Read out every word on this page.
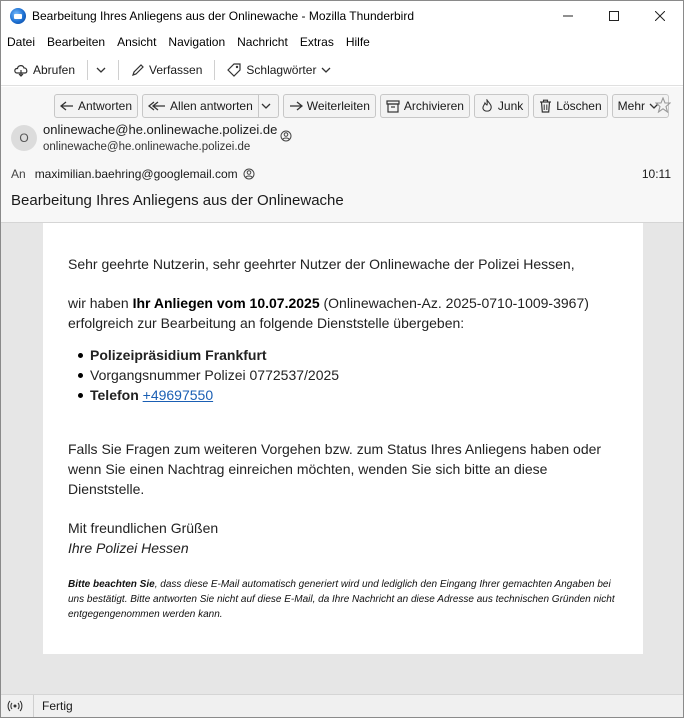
Bearbeitung Ihres Anliegens aus der Onlinewache - Mozilla Thunderbird
Datei Bearbeiten Ansicht Navigation Nachricht Extras Hilfe
Abrufen	Verfassen	Schlagwörter
Antworten	Allen antworten	Weiterleiten	Archivieren	Junk	Löschen Mehr
O
onlinewache@he.onlinewache.polizei.de
onlinewache@he.onlinewache.polizei.de
An maximilian.baehring@googlemail.com	10:11
Bearbeitung Ihres Anliegens aus der Onlinewache
Sehr geehrte Nutzerin, sehr geehrter Nutzer der Onlinewache der Polizei Hessen,
wir haben Ihr Anliegen vom 10.07.2025 (Onlinewachen-Az. 2025-0710-1009-3967)
erfolgreich zur Bearbeitung an folgende Dienststelle übergeben:
Polizeipräsidium Frankfurt
Vorgangsnummer Polizei 0772537/2025
Telefon +49697550
Falls Sie Fragen zum weiteren Vorgehen bzw. zum Status Ihres Anliegens haben oder
wenn Sie einen Nachtrag einreichen möchten, wenden Sie sich bitte an diese
Dienststelle.
Mit freundlichen Grüßen
Ihre Polizei Hessen
Bitte beachten Sie, dass diese E-Mail automatisch generiert wird und lediglich den Eingang Ihrer gemachten Angaben bei uns bestätigt. Bitte antworten Sie nicht auf diese E-Mail, da Ihre Nachricht an diese Adresse aus technischen Gründen nicht entgegengenommen werden kann.
Fertig
